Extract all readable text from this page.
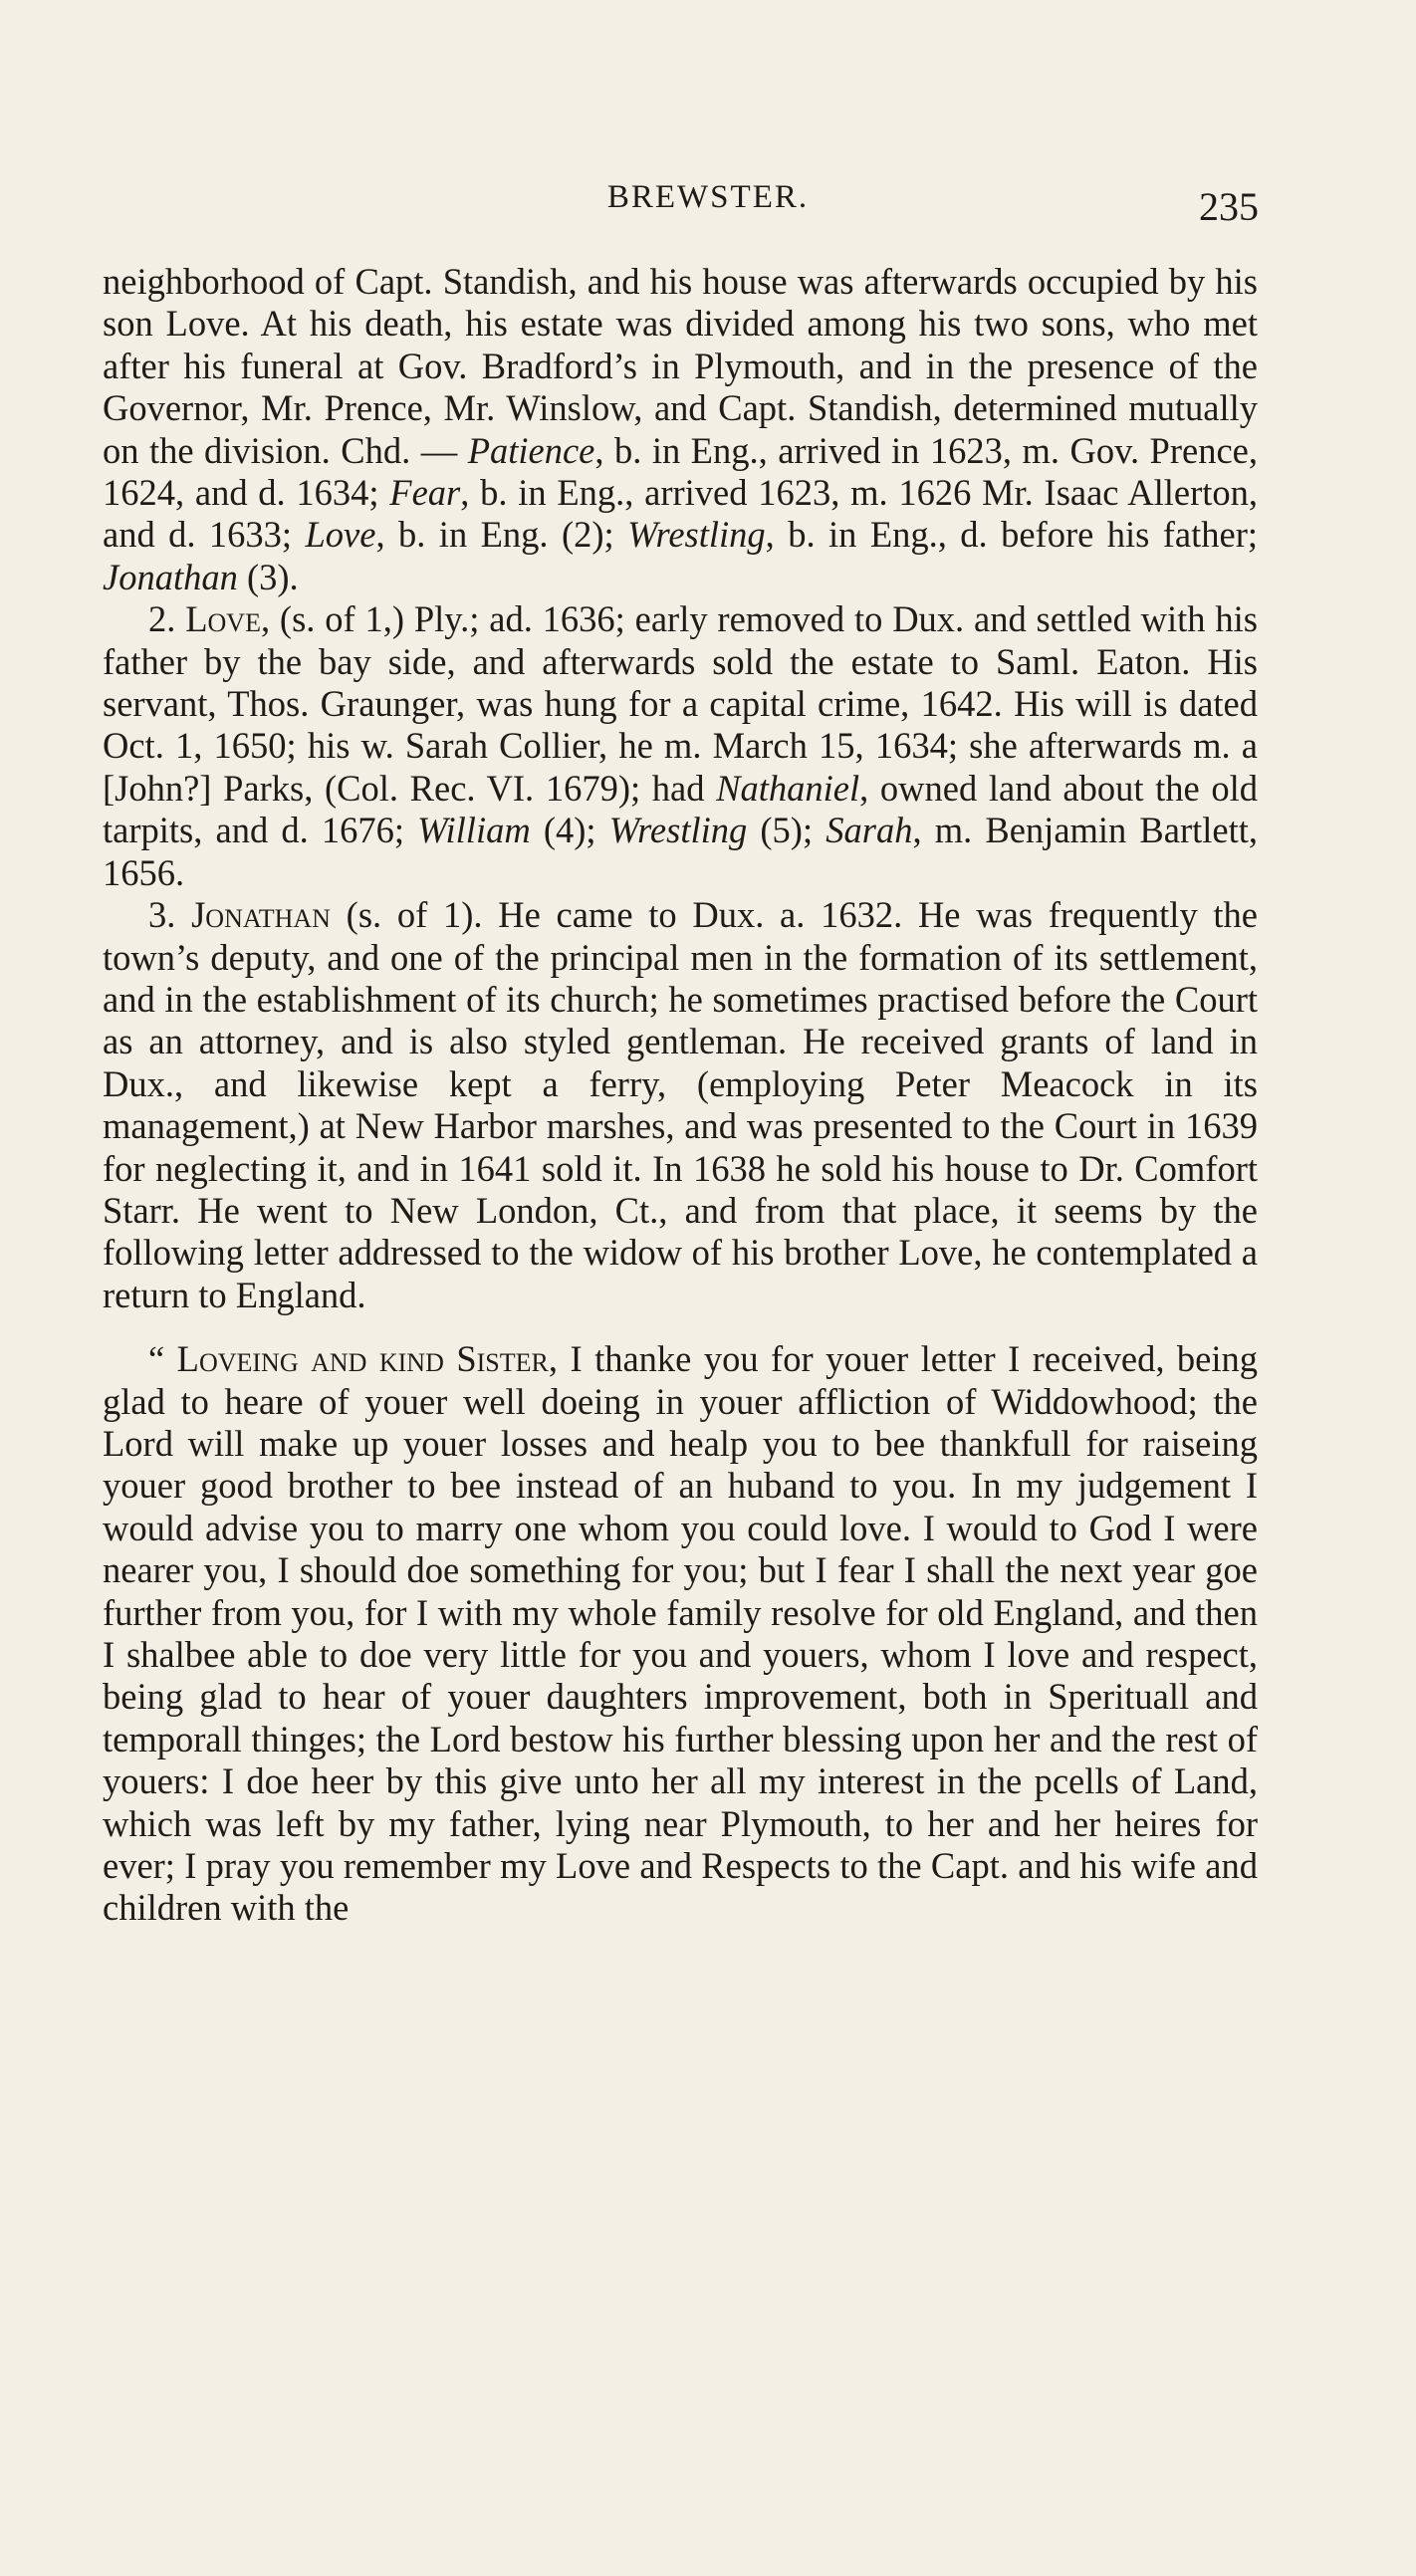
BREWSTER.	235

neighborhood of Capt. Standish, and his house was afterwards occupied by his son Love. At his death, his estate was divided among his two sons, who met after his funeral at Gov. Bradford’s in Plymouth, and in the presence of the Governor, Mr. Prence, Mr. Winslow, and Capt. Standish, determined mutually on the division. Chd. — Patience, b. in Eng., arrived in 1623, m. Gov. Prence, 1624, and d. 1634; Fear, b. in Eng., arrived 1623, m. 1626 Mr. Isaac Allerton, and d. 1633; Love, b. in Eng. (2); Wrestling, b. in Eng., d. before his father; Jonathan (3).

2. Love, (s. of 1,) Ply.; ad. 1636; early removed to Dux. and settled with his father by the bay side, and afterwards sold the estate to Saml. Eaton. His servant, Thos. Graunger, was hung for a capital crime, 1642. His will is dated Oct. 1, 1650; his w. Sarah Collier, he m. March 15, 1634; she afterwards m. a [John?] Parks, (Col. Rec. VI. 1679); had Nathaniel, owned land about the old tarpits, and d. 1676; William (4); Wrestling (5); Sarah, m. Benjamin Bartlett, 1656.

3. Jonathan (s. of 1). He came to Dux. a. 1632. He was frequently the town’s deputy, and one of the principal men in the formation of its settlement, and in the establishment of its church; he sometimes practised before the Court as an attorney, and is also styled gentleman. He received grants of land in Dux., and likewise kept a ferry, (employing Peter Meacock in its management,) at New Harbor marshes, and was presented to the Court in 1639 for neglecting it, and in 1641 sold it. In 1638 he sold his house to Dr. Comfort Starr. He went to New London, Ct., and from that place, it seems by the following letter addressed to the widow of his brother Love, he contemplated a return to England.

“ Loveing and kind Sister, I thanke you for youer letter I received, being glad to heare of youer well doeing in youer affliction of Widdowhood; the Lord will make up youer losses and healp you to bee thankfull for raiseing youer good brother to bee instead of an huband to you. In my judgement I would advise you to marry one whom you could love. I would to God I were nearer you, I should doe something for you; but I fear I shall the next year goe further from you, for I with my whole family resolve for old England, and then I shalbee able to doe very little for you and youers, whom I love and respect, being glad to hear of youer daughters improvement, both in Sperituall and temporall thinges; the Lord bestow his further blessing upon her and the rest of youers: I doe heer by this give unto her all my interest in the pcells of Land, which was left by my father, lying near Plymouth, to her and her heires for ever; I pray you remember my Love and Respects to the Capt. and his wife and children with the
